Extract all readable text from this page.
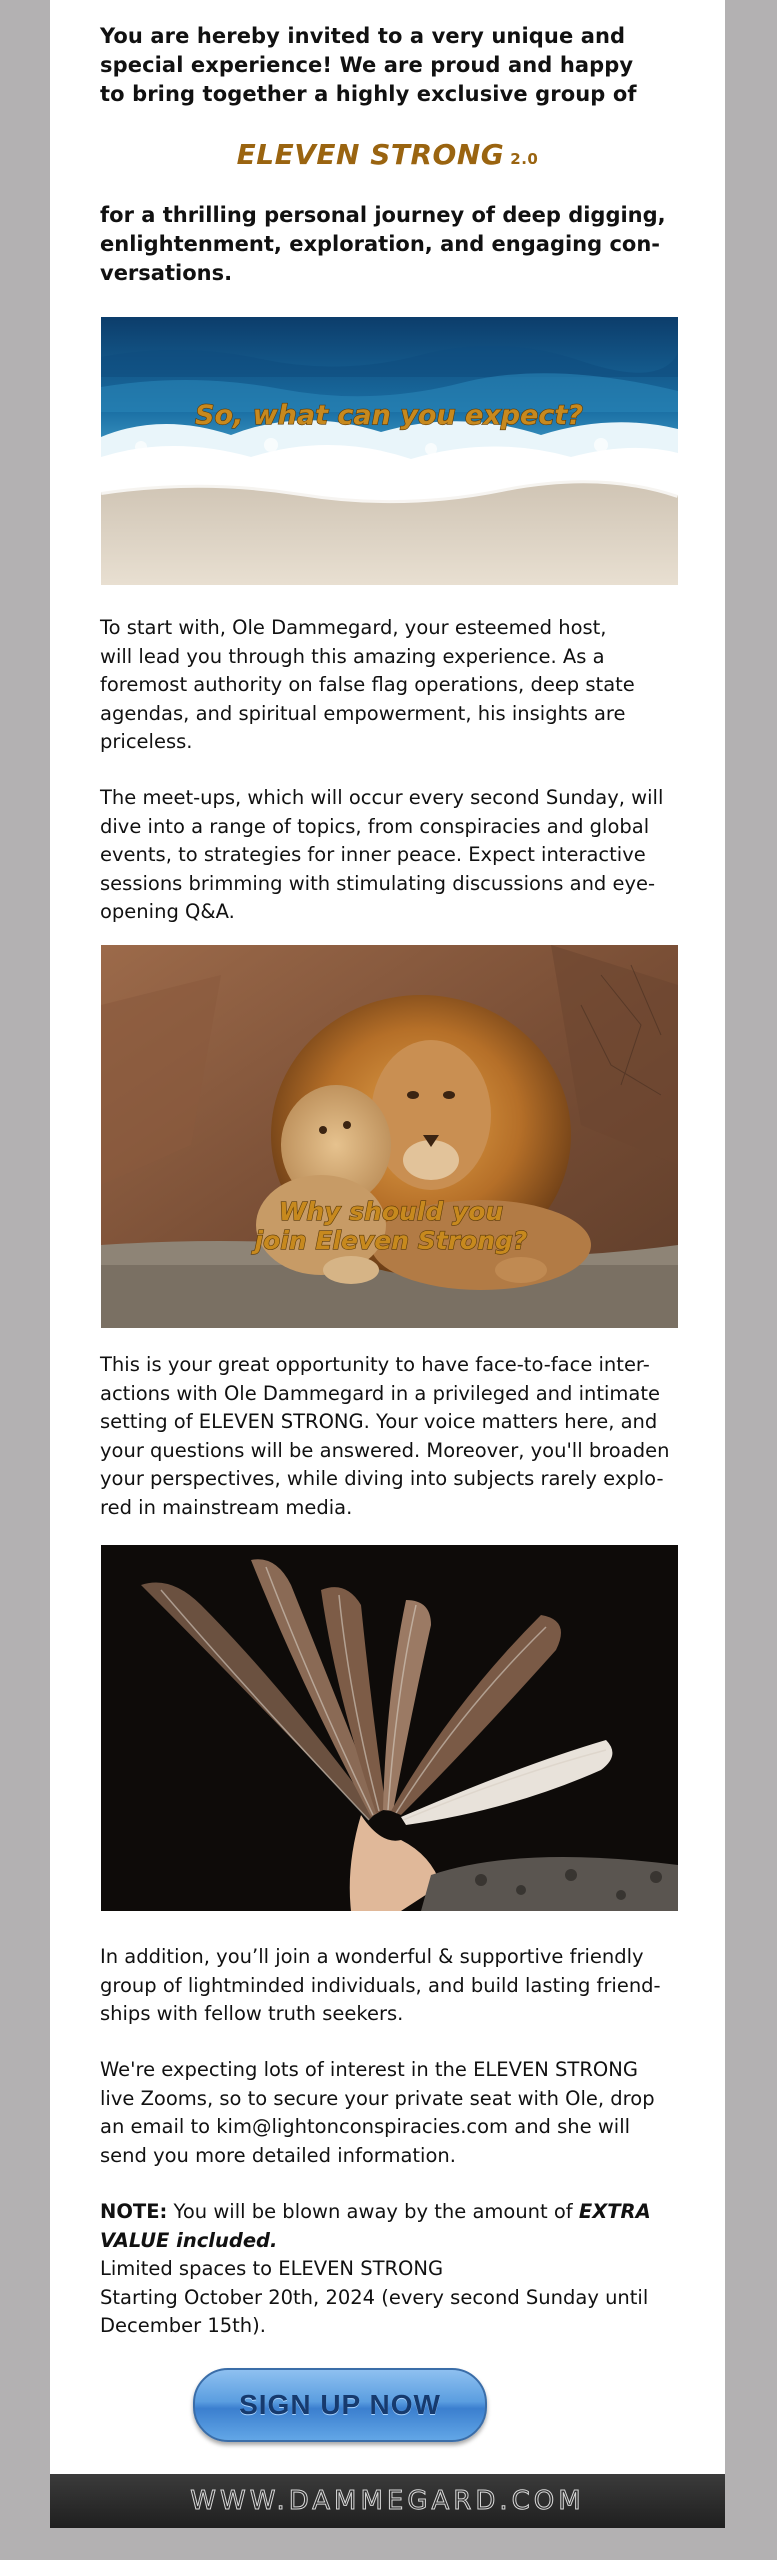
You are hereby invited to a very unique and
special experience! We are proud and happy
to bring together a highly exclusive group of
ELEVEN STRONG 2.0
for a thrilling personal journey of deep digging,
enlightenment, exploration, and engaging con-
versations.
So, what can you expect?
To start with, Ole Dammegard, your esteemed host,
will lead you through this amazing experience. As a
foremost authority on false flag operations, deep state
agendas, and spiritual empowerment, his insights are
priceless.
The meet-ups, which will occur every second Sunday, will
dive into a range of topics, from conspiracies and global
events, to strategies for inner peace. Expect interactive
sessions brimming with stimulating discussions and eye-
opening Q&A.
Why should you
join Eleven Strong?
This is your great opportunity to have face-to-face inter-
actions with Ole Dammegard in a privileged and intimate
setting of ELEVEN STRONG. Your voice matters here, and
your questions will be answered. Moreover, you'll broaden
your perspectives, while diving into subjects rarely explo-
red in mainstream media.
In addition, you’ll join a wonderful & supportive friendly
group of lightminded individuals, and build lasting friend-
ships with fellow truth seekers.
We're expecting lots of interest in the ELEVEN STRONG
live Zooms, so to secure your private seat with Ole, drop
an email to kim@lightonconspiracies.com and she will
send you more detailed information.
NOTE: You will be blown away by the amount of EXTRA
VALUE included.
Limited spaces to ELEVEN STRONG
Starting October 20th, 2024 (every second Sunday until
December 15th).
SIGN UP NOW
WWW.DAMMEGARD.COM
